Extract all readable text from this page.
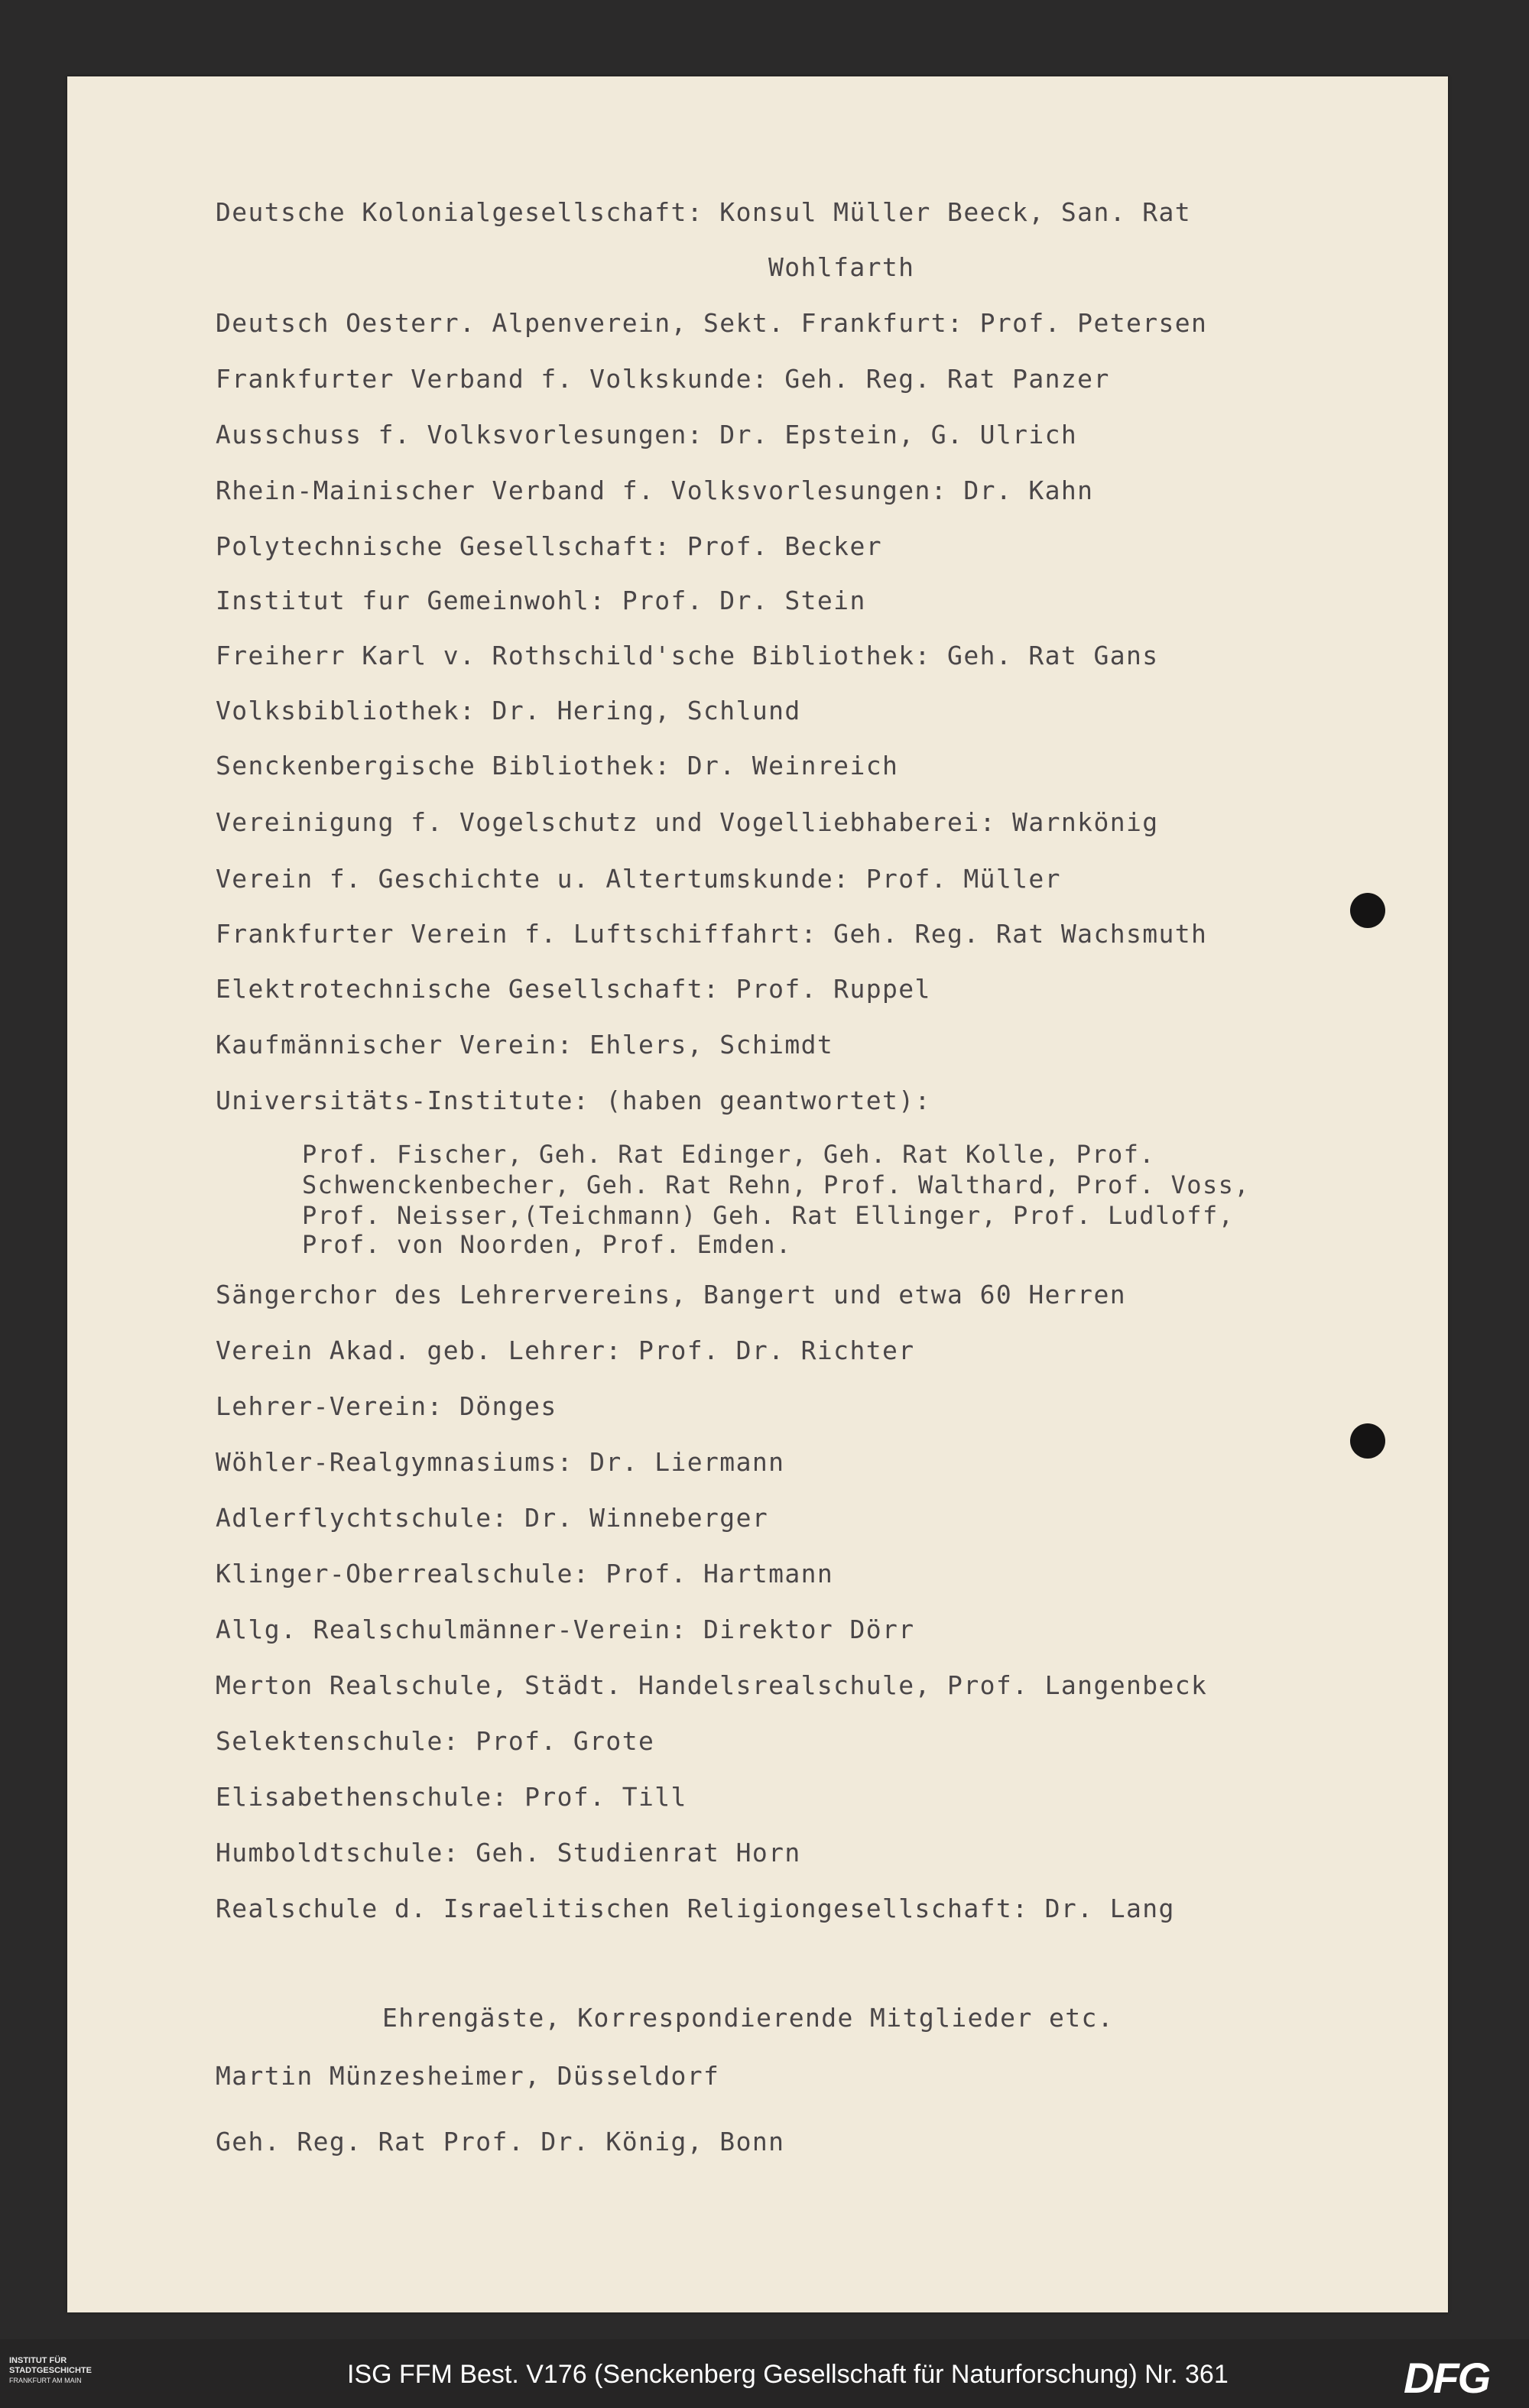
Deutsche Kolonialgesellschaft: Konsul Müller Beeck, San. Rat
Wohlfarth
Deutsch Oesterr. Alpenverein, Sekt. Frankfurt: Prof. Petersen
Frankfurter Verband f. Volkskunde: Geh. Reg. Rat Panzer
Ausschuss f. Volksvorlesungen: Dr. Epstein, G. Ulrich
Rhein-Mainischer Verband f. Volksvorlesungen: Dr. Kahn
Polytechnische Gesellschaft: Prof. Becker
Institut fur Gemeinwohl: Prof. Dr. Stein
Freiherr Karl v. Rothschild'sche Bibliothek: Geh. Rat Gans
Volksbibliothek: Dr. Hering, Schlund
Senckenbergische Bibliothek: Dr. Weinreich
Vereinigung f. Vogelschutz und Vogelliebhaberei: Warnkönig
Verein f. Geschichte u. Altertumskunde: Prof. Müller
Frankfurter Verein f. Luftschiffahrt: Geh. Reg. Rat Wachsmuth
Elektrotechnische Gesellschaft: Prof. Ruppel
Kaufmännischer Verein: Ehlers, Schimdt
Universitäts-Institute: (haben geantwortet):
Prof. Fischer, Geh. Rat Edinger, Geh. Rat Kolle, Prof.
Schwenckenbecher, Geh. Rat Rehn, Prof. Walthard, Prof. Voss,
Prof. Neisser,(Teichmann) Geh. Rat Ellinger, Prof. Ludloff,
Prof. von Noorden, Prof. Emden.
Sängerchor des Lehrervereins, Bangert und etwa 60 Herren
Verein Akad. geb. Lehrer: Prof. Dr. Richter
Lehrer-Verein: Dönges
Wöhler-Realgymnasiums: Dr. Liermann
Adlerflychtschule: Dr. Winneberger
Klinger-Oberrealschule: Prof. Hartmann
Allg. Realschulmänner-Verein: Direktor Dörr
Merton Realschule, Städt. Handelsrealschule, Prof. Langenbeck
Selektenschule: Prof. Grote
Elisabethenschule: Prof. Till
Humboldtschule: Geh. Studienrat Horn
Realschule d. Israelitischen Religiongesellschaft: Dr. Lang
Ehrengäste, Korrespondierende Mitglieder etc.
Martin Münzesheimer, Düsseldorf
Geh. Reg. Rat Prof. Dr. König, Bonn
INSTITUT FÜR
STADTGESCHICHTE
FRANKFURT AM MAIN	ISG FFM Best. V176 (Senckenberg Gesellschaft für Naturforschung) Nr. 361	DFG
